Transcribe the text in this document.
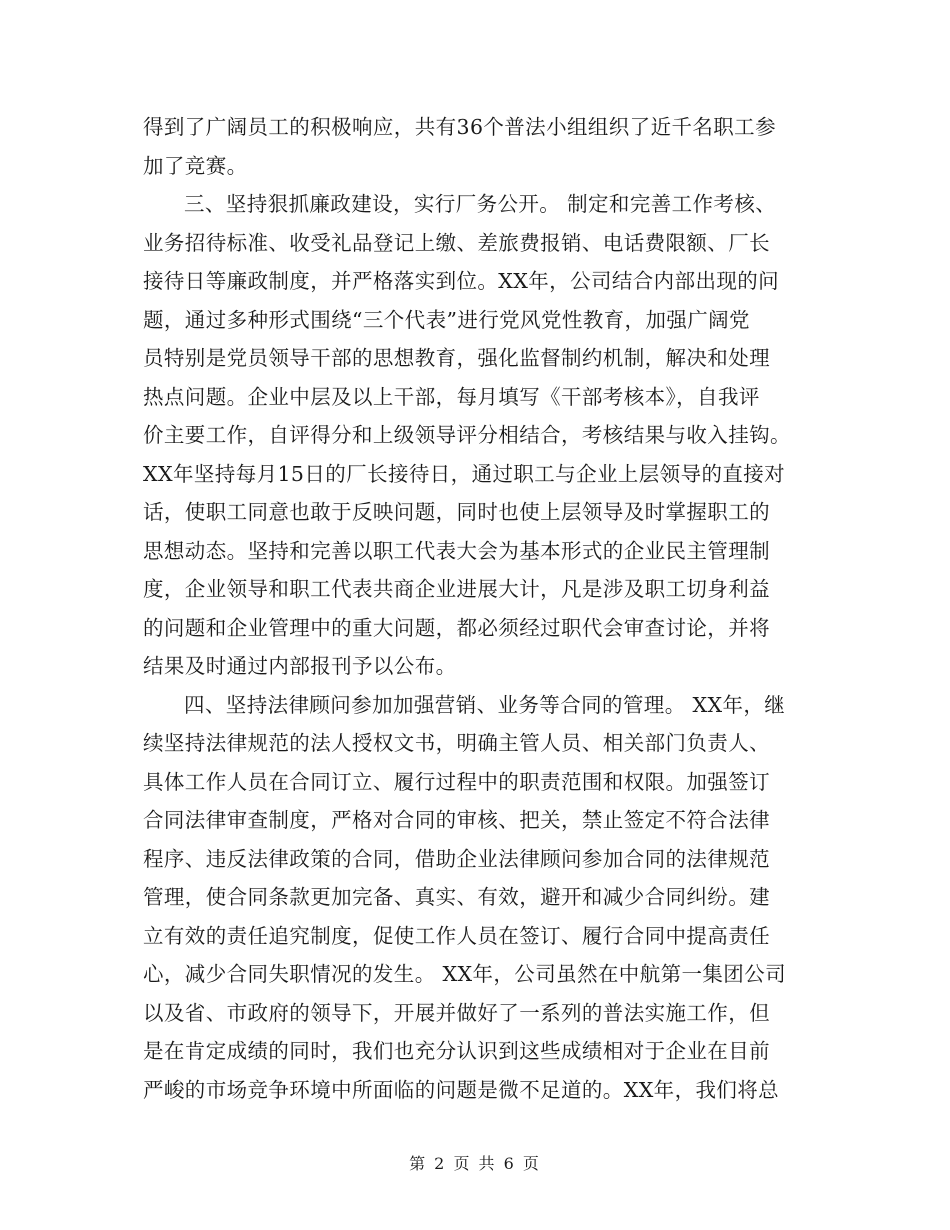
得到了广阔员工的积极响应，共有36个普法小组组织了近千名职工参
加了竞赛。
三、坚持狠抓廉政建设，实行厂务公开。 制定和完善工作考核、
业务招待标准、收受礼品登记上缴、差旅费报销、电话费限额、厂长
接待日等廉政制度，并严格落实到位。XX年，公司结合内部出现的问
题，通过多种形式围绕“三个代表”进行党风党性教育，加强广阔党
员特别是党员领导干部的思想教育，强化监督制约机制，解决和处理
热点问题。企业中层及以上干部，每月填写《干部考核本》，自我评
价主要工作，自评得分和上级领导评分相结合，考核结果与收入挂钩。
XX年坚持每月15日的厂长接待日，通过职工与企业上层领导的直接对
话，使职工同意也敢于反映问题，同时也使上层领导及时掌握职工的
思想动态。坚持和完善以职工代表大会为基本形式的企业民主管理制
度，企业领导和职工代表共商企业进展大计，凡是涉及职工切身利益
的问题和企业管理中的重大问题，都必须经过职代会审查讨论，并将
结果及时通过内部报刊予以公布。
四、坚持法律顾问参加加强营销、业务等合同的管理。 XX年，继
续坚持法律规范的法人授权文书，明确主管人员、相关部门负责人、
具体工作人员在合同订立、履行过程中的职责范围和权限。加强签订
合同法律审查制度，严格对合同的审核、把关，禁止签定不符合法律
程序、违反法律政策的合同，借助企业法律顾问参加合同的法律规范
管理，使合同条款更加完备、真实、有效，避开和减少合同纠纷。建
立有效的责任追究制度，促使工作人员在签订、履行合同中提高责任
心，减少合同失职情况的发生。 XX年，公司虽然在中航第一集团公司
以及省、市政府的领导下，开展并做好了一系列的普法实施工作，但
是在肯定成绩的同时，我们也充分认识到这些成绩相对于企业在目前
严峻的市场竞争环境中所面临的问题是微不足道的。XX年，我们将总
第 2 页 共 6 页
